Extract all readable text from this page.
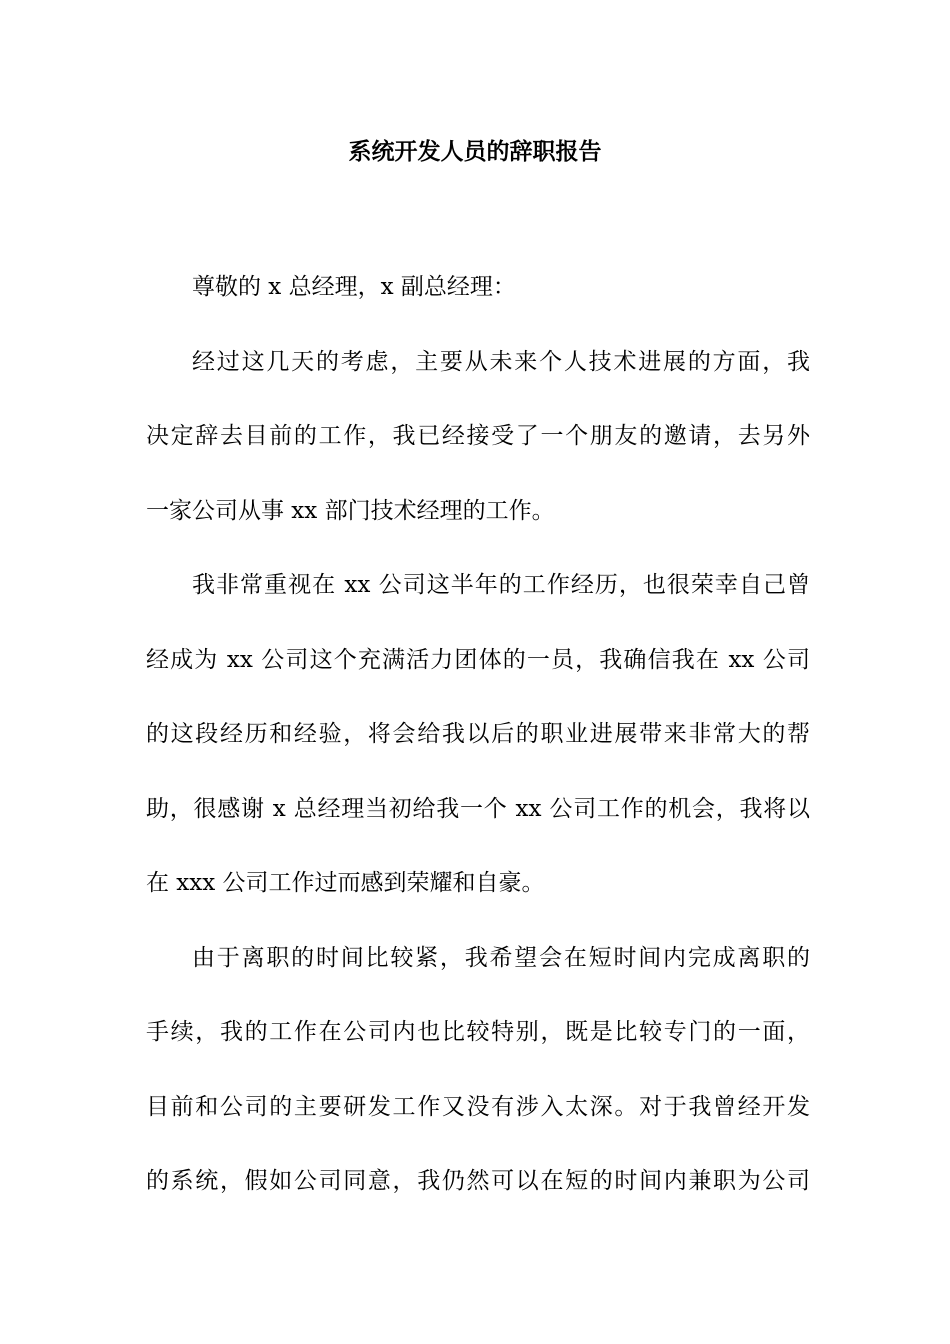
系统开发人员的辞职报告

尊敬的 x 总经理，x 副总经理：

经过这几天的考虑，主要从未来个人技术进展的方面，我
决定辞去目前的工作，我已经接受了一个朋友的邀请，去另外
一家公司从事 xx 部门技术经理的工作。
我非常重视在 xx 公司这半年的工作经历，也很荣幸自己曾
经成为 xx 公司这个充满活力团体的一员，我确信我在 xx 公司
的这段经历和经验，将会给我以后的职业进展带来非常大的帮
助，很感谢 x 总经理当初给我一个 xx 公司工作的机会，我将以
在 xxx 公司工作过而感到荣耀和自豪。
由于离职的时间比较紧，我希望会在短时间内完成离职的
手续，我的工作在公司内也比较特别，既是比较专门的一面，
目前和公司的主要研发工作又没有涉入太深。对于我曾经开发
的系统，假如公司同意，我仍然可以在短的时间内兼职为公司
